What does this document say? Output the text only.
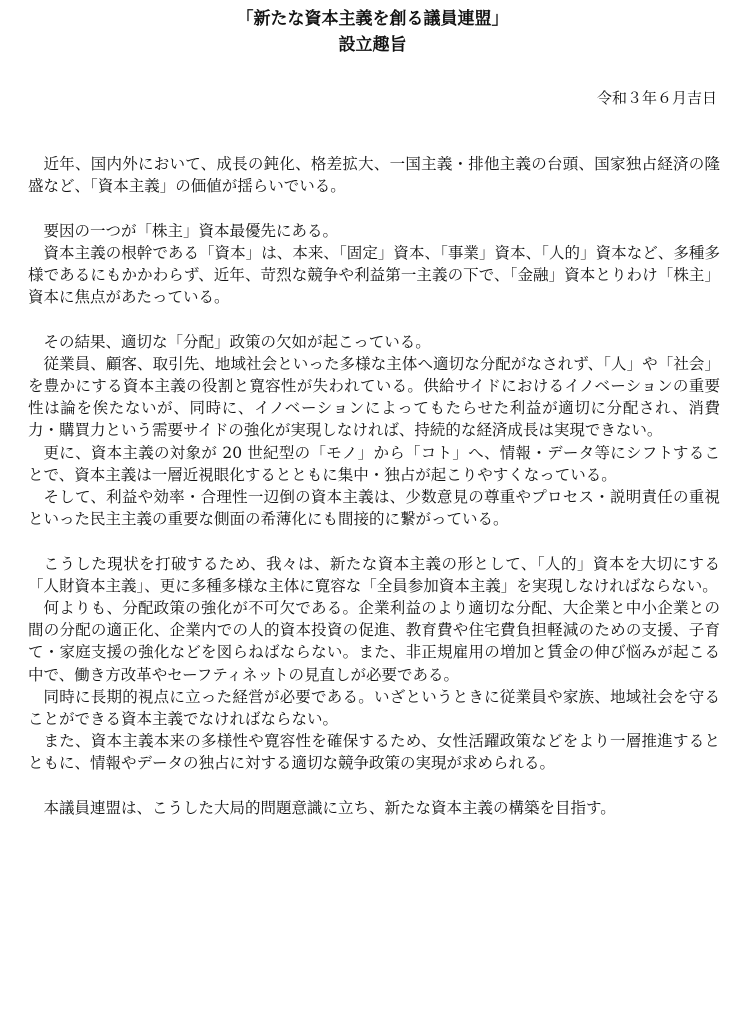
「新たな資本主義を創る議員連盟」

設立趣旨

令和３年６月吉日

近年、国内外において、成長の鈍化、格差拡大、一国主義・排他主義の台頭、国家独占経済の隆盛など、「資本主義」の価値が揺らいでいる。

要因の一つが「株主」資本最優先にある。

資本主義の根幹である「資本」は、本来、「固定」資本、「事業」資本、「人的」資本など、多種多様であるにもかかわらず、近年、苛烈な競争や利益第一主義の下で、「金融」資本とりわけ「株主」資本に焦点があたっている。

その結果、適切な「分配」政策の欠如が起こっている。

従業員、顧客、取引先、地域社会といった多様な主体へ適切な分配がなされず、「人」や「社会」を豊かにする資本主義の役割と寛容性が失われている。供給サイドにおけるイノベーションの重要性は論を俟たないが、同時に、イノベーションによってもたらせた利益が適切に分配され、消費力・購買力という需要サイドの強化が実現しなければ、持続的な経済成長は実現できない。

更に、資本主義の対象が 20 世紀型の「モノ」から「コト」へ、情報・データ等にシフトすることで、資本主義は一層近視眼化するとともに集中・独占が起こりやすくなっている。

そして、利益や効率・合理性一辺倒の資本主義は、少数意見の尊重やプロセス・説明責任の重視といった民主主義の重要な側面の希薄化にも間接的に繋がっている。

こうした現状を打破するため、我々は、新たな資本主義の形として、「人的」資本を大切にする「人財資本主義」、更に多種多様な主体に寛容な「全員参加資本主義」を実現しなければならない。

何よりも、分配政策の強化が不可欠である。企業利益のより適切な分配、大企業と中小企業との間の分配の適正化、企業内での人的資本投資の促進、教育費や住宅費負担軽減のための支援、子育て・家庭支援の強化などを図らねばならない。また、非正規雇用の増加と賃金の伸び悩みが起こる中で、働き方改革やセーフティネットの見直しが必要である。

同時に長期的視点に立った経営が必要である。いざというときに従業員や家族、地域社会を守ることができる資本主義でなければならない。

また、資本主義本来の多様性や寛容性を確保するため、女性活躍政策などをより一層推進するとともに、情報やデータの独占に対する適切な競争政策の実現が求められる。

本議員連盟は、こうした大局的問題意識に立ち、新たな資本主義の構築を目指す。
